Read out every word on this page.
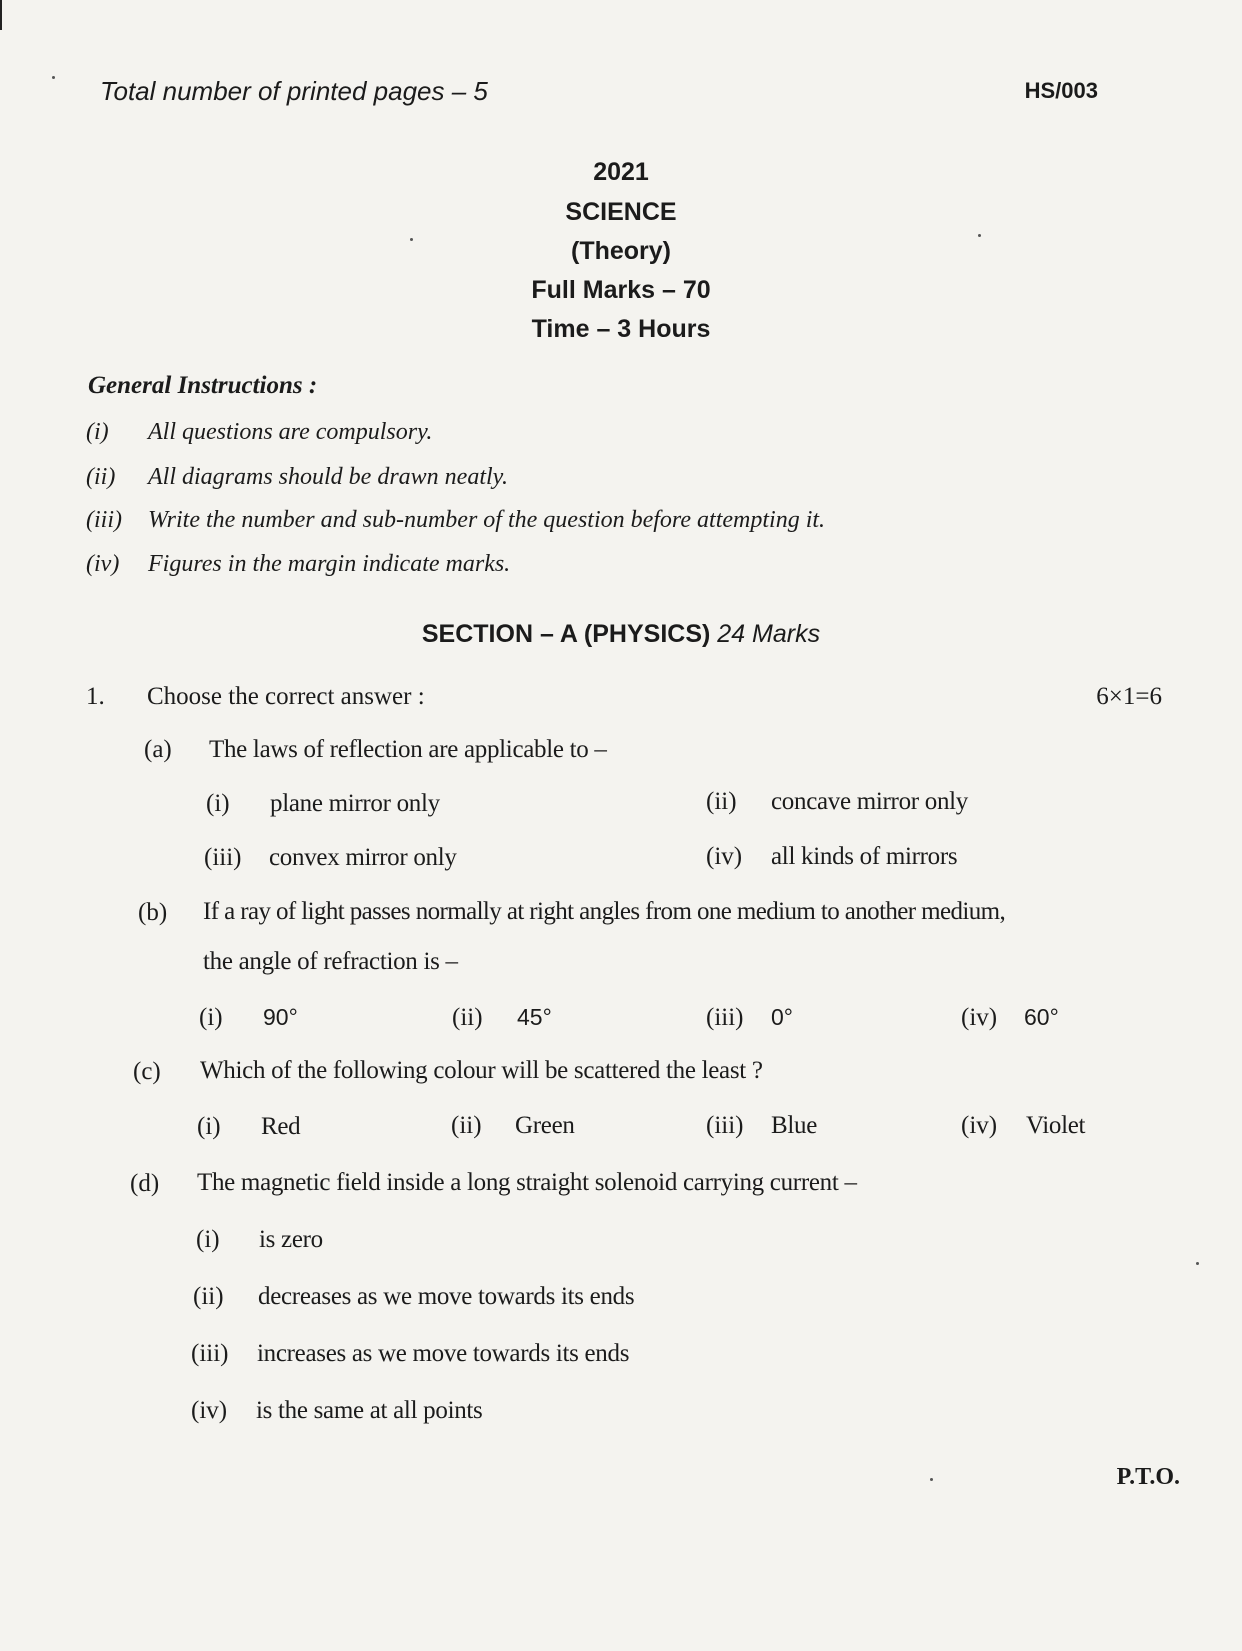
Total number of printed pages – 5	HS/003
2021
SCIENCE
(Theory)
Full Marks – 70
Time – 3 Hours
General Instructions :
(i) All questions are compulsory.
(ii) All diagrams should be drawn neatly.
(iii) Write the number and sub-number of the question before attempting it.
(iv) Figures in the margin indicate marks.
SECTION – A (PHYSICS) 24 Marks
1. Choose the correct answer :	6×1=6
(a) The laws of reflection are applicable to –
(i) plane mirror only	(ii) concave mirror only
(iii) convex mirror only	(iv) all kinds of mirrors
(b) If a ray of light passes normally at right angles from one medium to another medium,
the angle of refraction is –
(i) 90°	(ii) 45°	(iii) 0°	(iv) 60°
(c) Which of the following colour will be scattered the least ?
(i) Red	(ii) Green	(iii) Blue	(iv) Violet
(d) The magnetic field inside a long straight solenoid carrying current –
(i) is zero
(ii) decreases as we move towards its ends
(iii) increases as we move towards its ends
(iv) is the same at all points
P.T.O.
